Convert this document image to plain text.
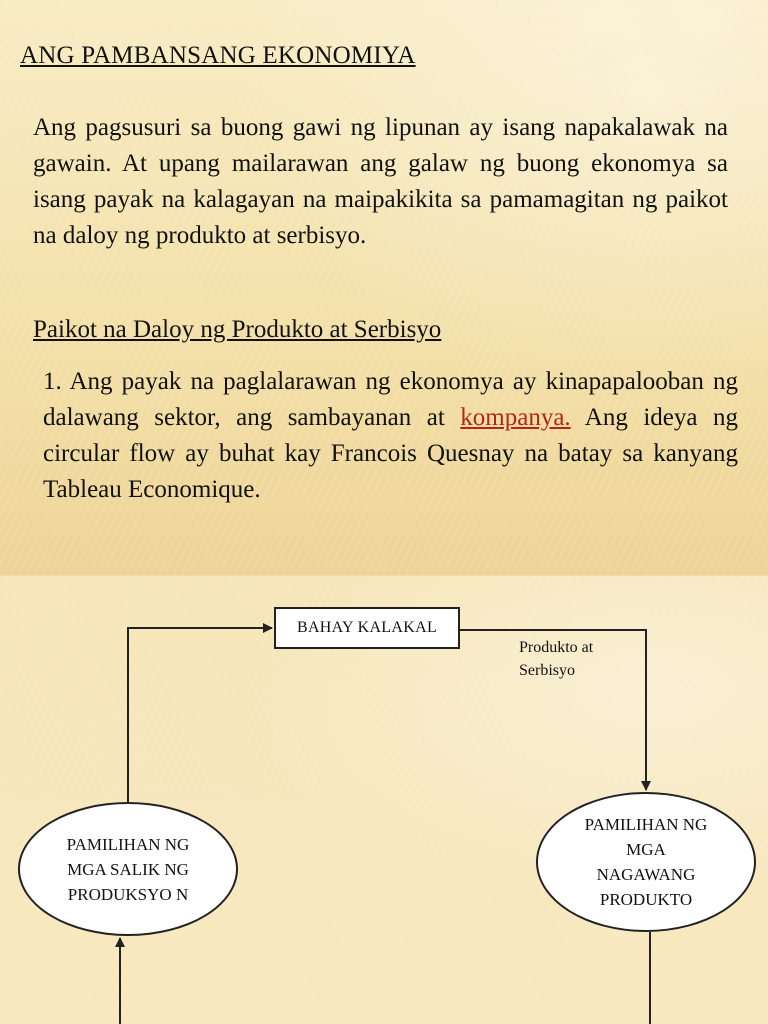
ANG PAMBANSANG EKONOMIYA

Ang pagsusuri sa buong gawi ng lipunan ay isang napakalawak na gawain. At upang mailarawan ang galaw ng buong ekonomya sa isang payak na kalagayan na maipakikita sa pamamagitan ng paikot na daloy ng produkto at serbisyo.

Paikot na Daloy ng Produkto at Serbisyo

1. Ang payak na paglalarawan ng ekonomya ay kinapapalooban ng dalawang sektor, ang sambayanan at kompanya. Ang ideya ng circular flow ay buhat kay Francois Quesnay na batay sa kanyang Tableau Economique.

BAHAY KALAKAL
Produkto at Serbisyo
PAMILIHAN NG MGA SALIK NG PRODUKSYO N
PAMILIHAN NG MGA NAGAWANG PRODUKTO
